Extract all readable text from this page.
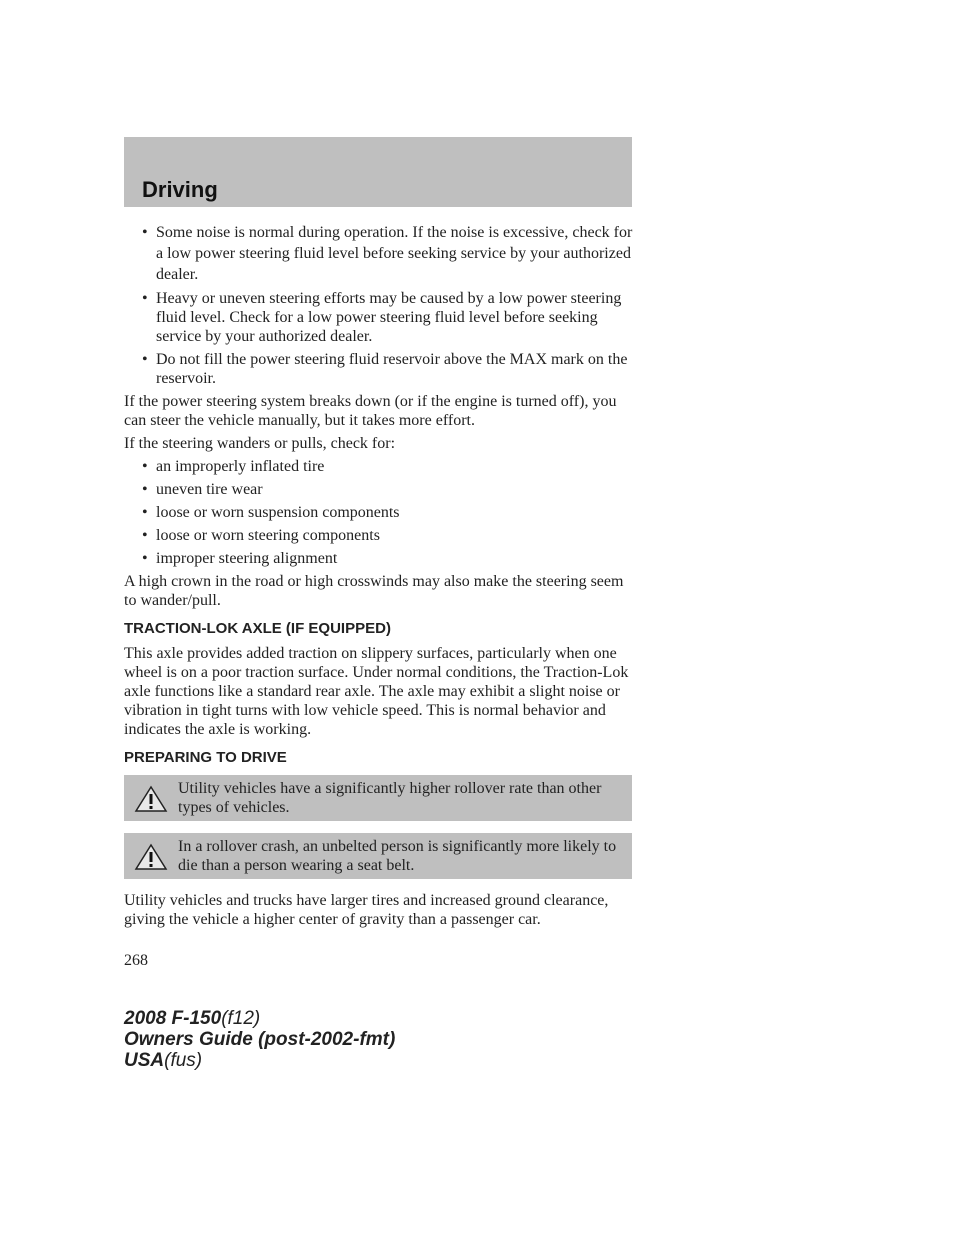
Driving
• Some noise is normal during operation. If the noise is excessive, check for a low power steering fluid level before seeking service by your authorized dealer.
• Heavy or uneven steering efforts may be caused by a low power steering fluid level. Check for a low power steering fluid level before seeking service by your authorized dealer.
• Do not fill the power steering fluid reservoir above the MAX mark on the reservoir.
If the power steering system breaks down (or if the engine is turned off), you can steer the vehicle manually, but it takes more effort.
If the steering wanders or pulls, check for:
• an improperly inflated tire
• uneven tire wear
• loose or worn suspension components
• loose or worn steering components
• improper steering alignment
A high crown in the road or high crosswinds may also make the steering seem to wander/pull.
TRACTION-LOK AXLE (IF EQUIPPED)
This axle provides added traction on slippery surfaces, particularly when one wheel is on a poor traction surface. Under normal conditions, the Traction-Lok axle functions like a standard rear axle. The axle may exhibit a slight noise or vibration in tight turns with low vehicle speed. This is normal behavior and indicates the axle is working.
PREPARING TO DRIVE
Utility vehicles have a significantly higher rollover rate than other types of vehicles.
In a rollover crash, an unbelted person is significantly more likely to die than a person wearing a seat belt.
Utility vehicles and trucks have larger tires and increased ground clearance, giving the vehicle a higher center of gravity than a passenger car.
268
2008 F-150(f12)
Owners Guide (post-2002-fmt)
USA(fus)
